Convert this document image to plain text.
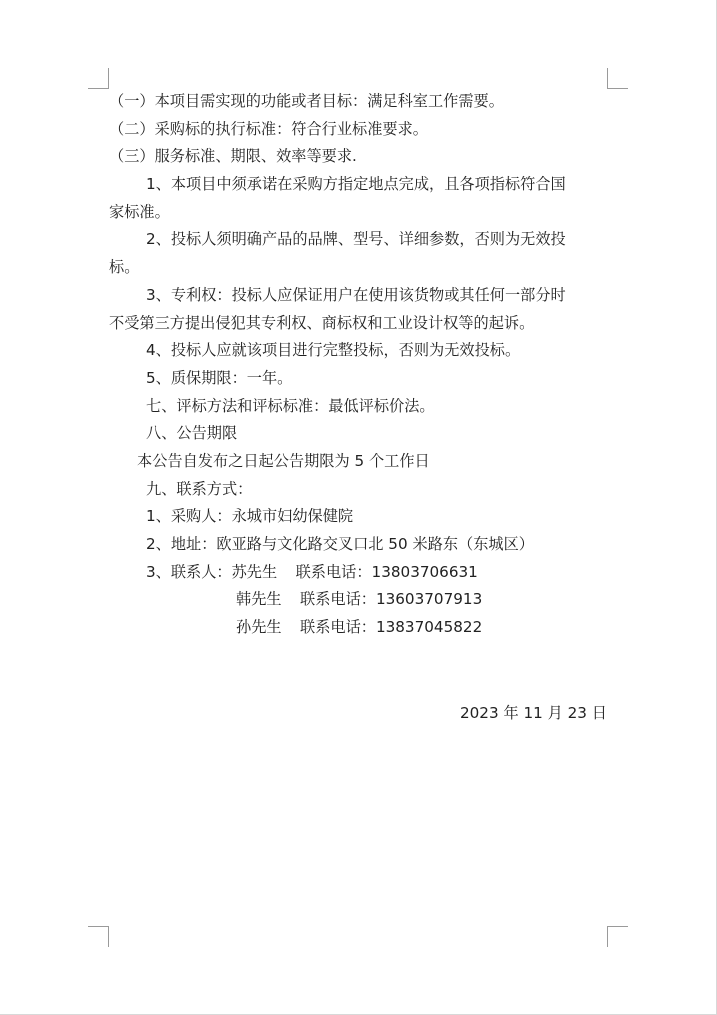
（一）本项目需实现的功能或者目标：满足科室工作需要。
（二）采购标的执行标准：符合行业标准要求。
（三）服务标准、期限、效率等要求.
1、本项目中须承诺在采购方指定地点完成，且各项指标符合国
家标准。
2、投标人须明确产品的品牌、型号、详细参数，否则为无效投
标。
3、专利权：投标人应保证用户在使用该货物或其任何一部分时
不受第三方提出侵犯其专利权、商标权和工业设计权等的起诉。
4、投标人应就该项目进行完整投标，否则为无效投标。
5、质保期限：一年。
七、评标方法和评标标准：最低评标价法。
八、公告期限
本公告自发布之日起公告期限为 5 个工作日
九、联系方式：
1、采购人：永城市妇幼保健院
2、地址：欧亚路与文化路交叉口北 50 米路东（东城区）
3、联系人：苏先生 联系电话：13803706631
韩先生 联系电话：13603707913
孙先生 联系电话：13837045822
2023 年 11 月 23 日
